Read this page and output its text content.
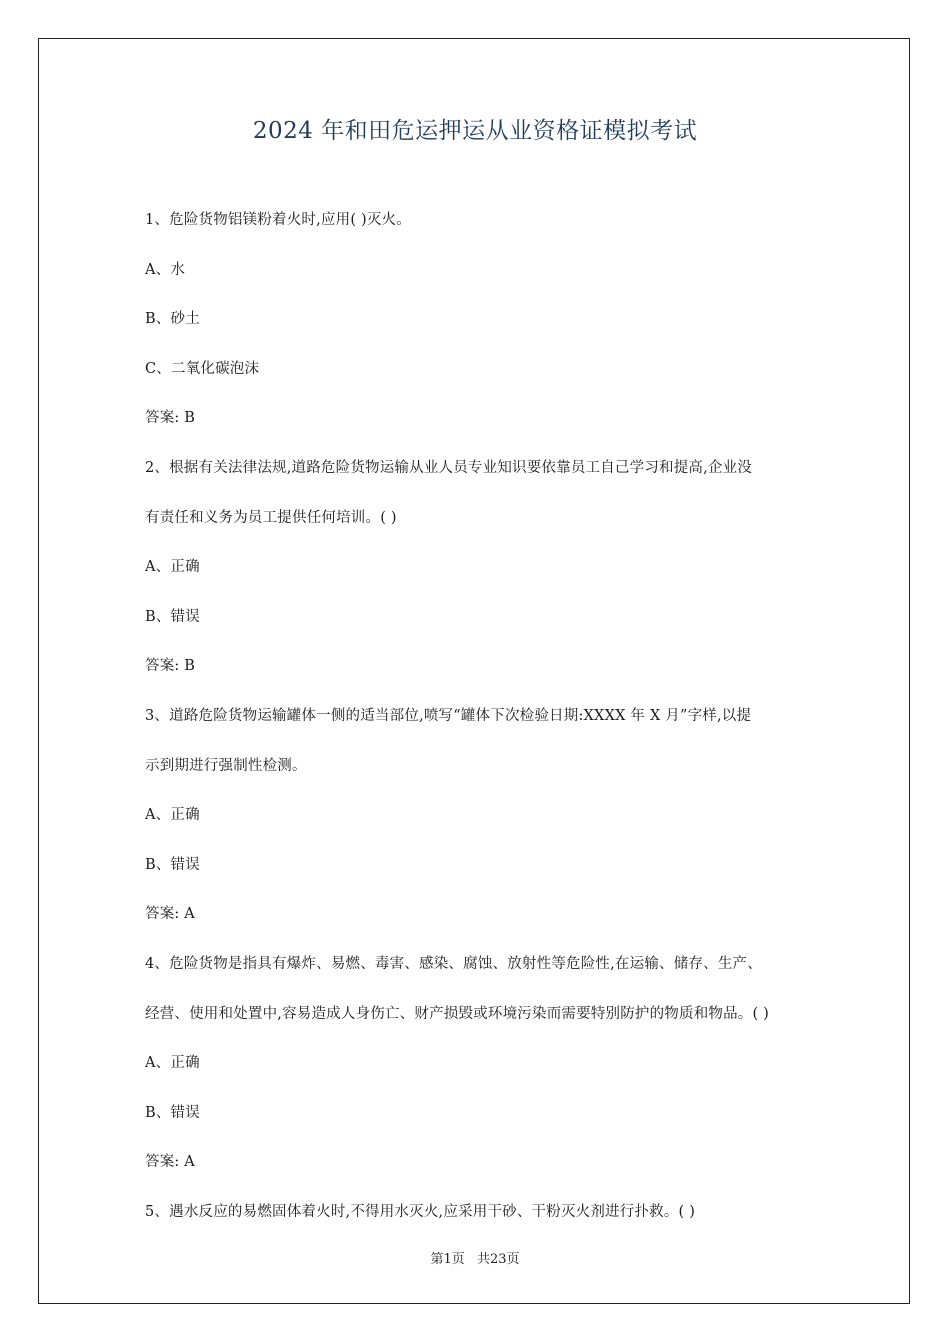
2024 年和田危运押运从业资格证模拟考试
1、危险货物铝镁粉着火时,应用( )灭火。
A、水
B、砂土
C、二氧化碳泡沫
答案: B
2、根据有关法律法规,道路危险货物运输从业人员专业知识要依靠员工自己学习和提高,企业没
有责任和义务为员工提供任何培训。( )
A、正确
B、错误
答案: B
3、道路危险货物运输罐体一侧的适当部位,喷写“罐体下次检验日期:XXXX 年 X 月”字样,以提
示到期进行强制性检测。
A、正确
B、错误
答案: A
4、危险货物是指具有爆炸、易燃、毒害、感染、腐蚀、放射性等危险性,在运输、储存、生产、
经营、使用和处置中,容易造成人身伤亡、财产损毁或环境污染而需要特别防护的物质和物品。( )
A、正确
B、错误
答案: A
5、遇水反应的易燃固体着火时,不得用水灭火,应采用干砂、干粉灭火剂进行扑救。( )
第1页 共23页
